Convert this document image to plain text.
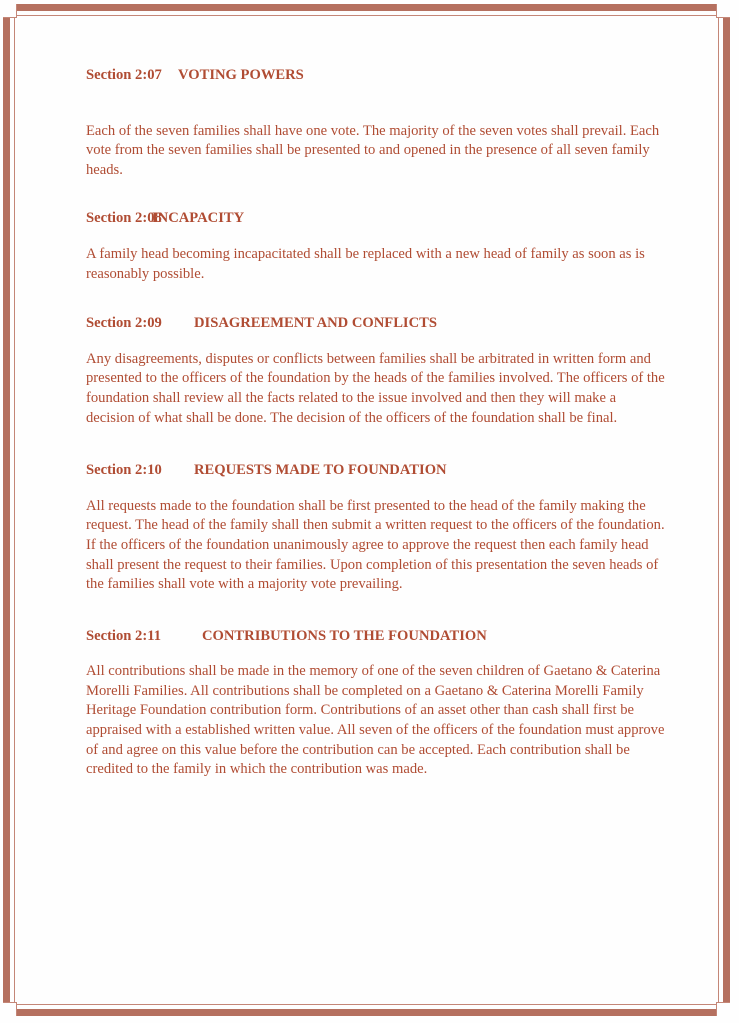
Section 2:07 VOTING POWERS

Each of the seven families shall have one vote. The majority of the seven votes shall prevail. Each vote from the seven families shall be presented to and opened in the presence of all seven family heads.

Section 2:08INCAPACITY

A family head becoming incapacitated shall be replaced with a new head of family as soon as is reasonably possible.

Section 2:09 DISAGREEMENT AND CONFLICTS

Any disagreements, disputes or conflicts between families shall be arbitrated in written form and presented to the officers of the foundation by the heads of the families involved. The officers of the foundation shall review all the facts related to the issue involved and then they will make a decision of what shall be done. The decision of the officers of the foundation shall be final.

Section 2:10 REQUESTS MADE TO FOUNDATION

All requests made to the foundation shall be first presented to the head of the family making the request. The head of the family shall then submit a written request to the officers of the foundation. If the officers of the foundation unanimously agree to approve the request then each family head shall present the request to their families. Upon completion of this presentation the seven heads of the families shall vote with a majority vote prevailing.

Section 2:11	CONTRIBUTIONS TO THE FOUNDATION

All contributions shall be made in the memory of one of the seven children of Gaetano & Caterina Morelli Families. All contributions shall be completed on a Gaetano & Caterina Morelli Family Heritage Foundation contribution form. Contributions of an asset other than cash shall first be appraised with a established written value. All seven of the officers of the foundation must approve of and agree on this value before the contribution can be accepted. Each contribution shall be credited to the family in which the contribution was made.
